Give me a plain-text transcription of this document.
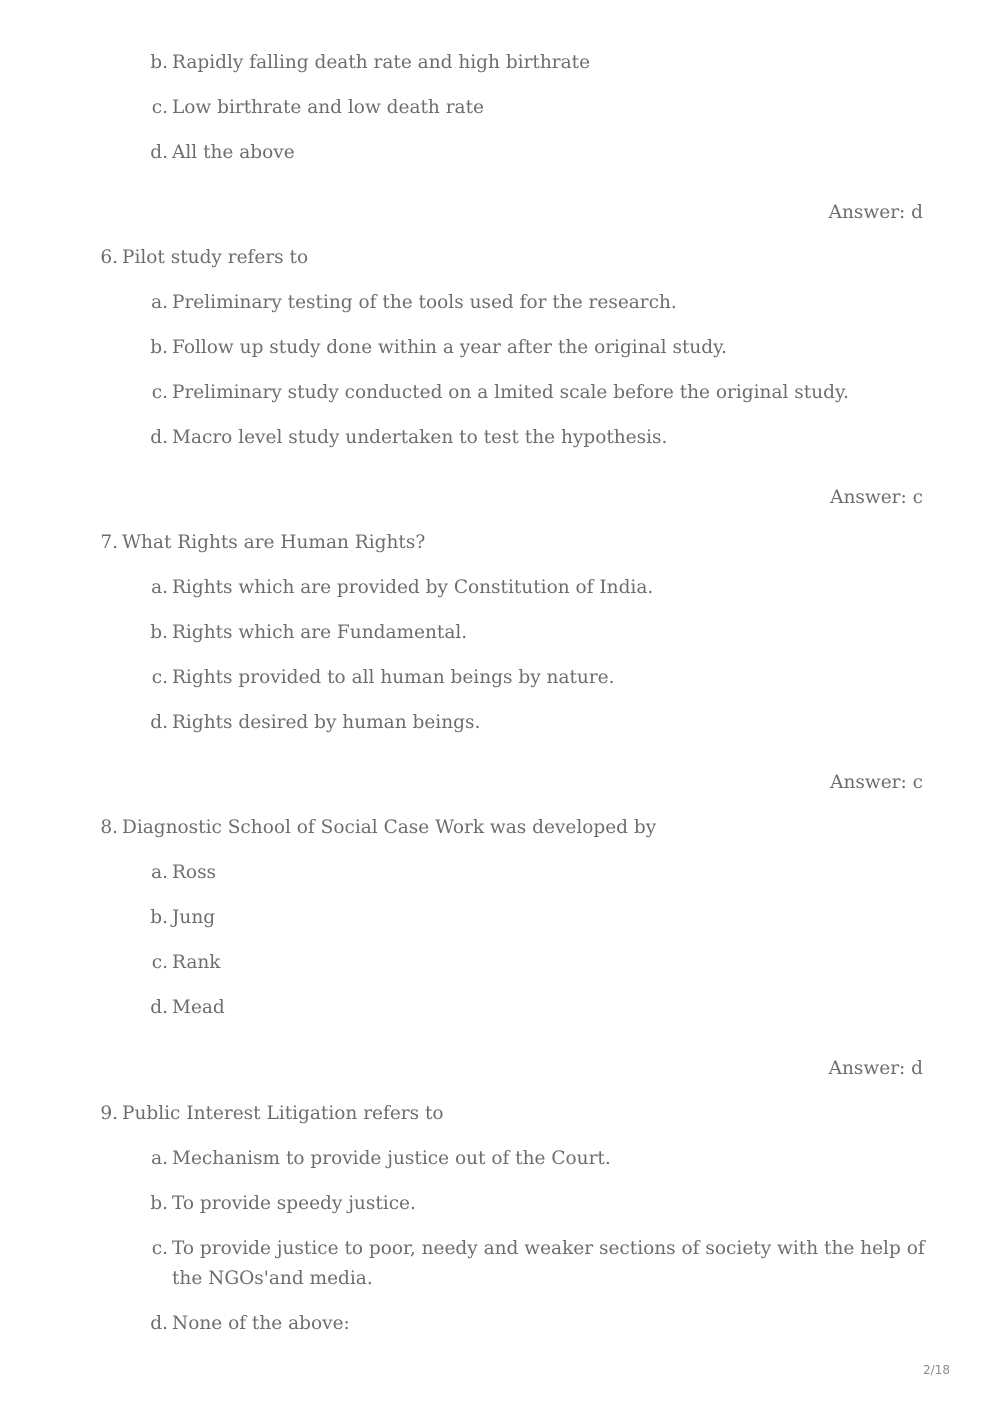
b. Rapidly falling death rate and high birthrate
c. Low birthrate and low death rate
d. All the above
Answer: d
6. Pilot study refers to
a. Preliminary testing of the tools used for the research.
b. Follow up study done within a year after the original study.
c. Preliminary study conducted on a lmited scale before the original study.
d. Macro level study undertaken to test the hypothesis.
Answer: c
7. What Rights are Human Rights?
a. Rights which are provided by Constitution of India.
b. Rights which are Fundamental.
c. Rights provided to all human beings by nature.
d. Rights desired by human beings.
Answer: c
8. Diagnostic School of Social Case Work was developed by
a. Ross
b. Jung
c. Rank
d. Mead
Answer: d
9. Public Interest Litigation refers to
a. Mechanism to provide justice out of the Court.
b. To provide speedy justice.
c. To provide justice to poor, needy and weaker sections of society with the help of the NGOs'and media.
d. None of the above:
2/18
